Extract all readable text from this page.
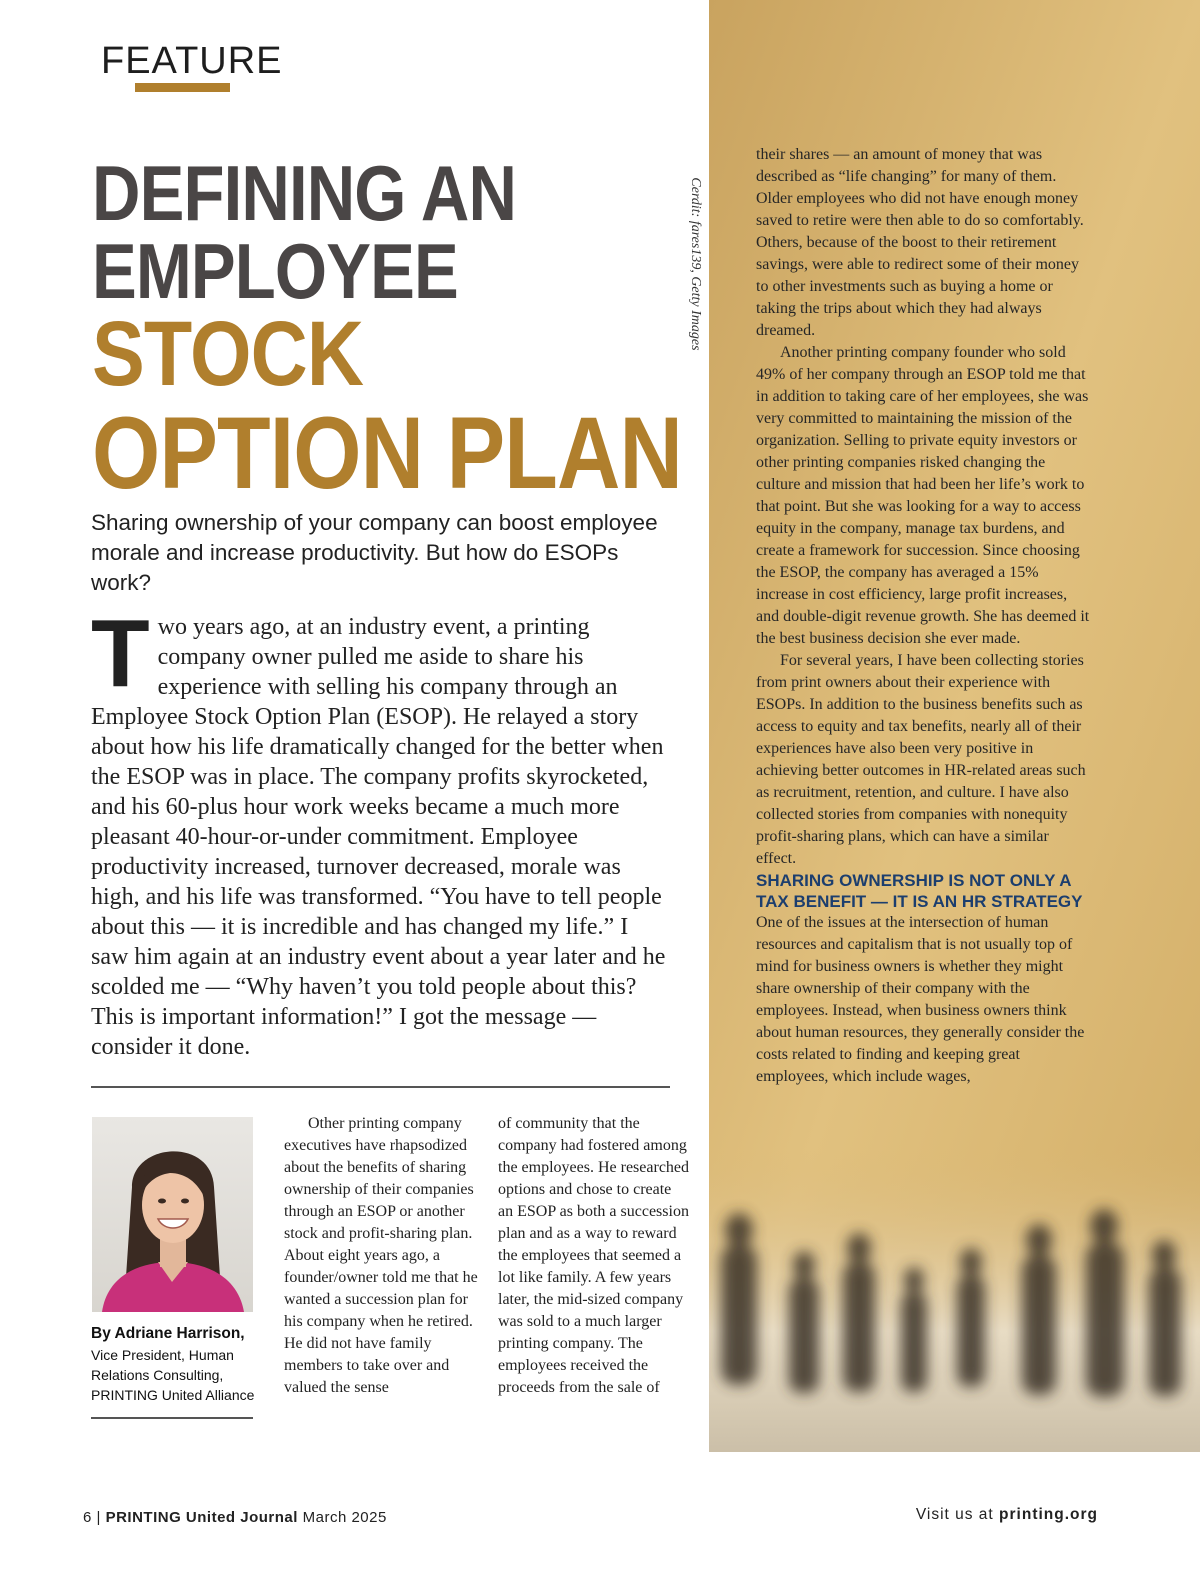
FEATURE
DEFINING AN
EMPLOYEE
STOCK
OPTION PLAN
Sharing ownership of your company can boost employee morale and increase productivity. But how do ESOPs work?

Two years ago, at an industry event, a printing company owner pulled me aside to share his experience with selling his company through an Employee Stock Option Plan (ESOP). He relayed a story about how his life dramatically changed for the better when the ESOP was in place. The company profits skyrocketed, and his 60-plus hour work weeks became a much more pleasant 40-hour-or-under commitment. Employee productivity increased, turnover decreased, morale was high, and his life was transformed. “You have to tell people about this — it is incredible and has changed my life.” I saw him again at an industry event about a year later and he scolded me — “Why haven’t you told people about this? This is important information!” I got the message — consider it done.

By Adriane Harrison,
Vice President, Human Relations Consulting, PRINTING United Alliance

Other printing company executives have rhapsodized about the benefits of sharing ownership of their companies through an ESOP or another stock and profit-sharing plan. About eight years ago, a founder/owner told me that he wanted a succession plan for his company when he retired. He did not have family members to take over and valued the sense

of community that the company had fostered among the employees. He researched options and chose to create an ESOP as both a succession plan and as a way to reward the employees that seemed a lot like family. A few years later, the mid-sized company was sold to a much larger printing company. The employees received the proceeds from the sale of

their shares — an amount of money that was described as “life changing” for many of them. Older employees who did not have enough money saved to retire were then able to do so comfortably. Others, because of the boost to their retirement savings, were able to redirect some of their money to other investments such as buying a home or taking the trips about which they had always dreamed.

Another printing company founder who sold 49% of her company through an ESOP told me that in addition to taking care of her employees, she was very committed to maintaining the mission of the organization. Selling to private equity investors or other printing companies risked changing the culture and mission that had been her life’s work to that point. But she was looking for a way to access equity in the company, manage tax burdens, and create a framework for succession. Since choosing the ESOP, the company has averaged a 15% increase in cost efficiency, large profit increases, and double-digit revenue growth. She has deemed it the best business decision she ever made.

For several years, I have been collecting stories from print owners about their experience with ESOPs. In addition to the business benefits such as access to equity and tax benefits, nearly all of their experiences have also been very positive in achieving better outcomes in HR-related areas such as recruitment, retention, and culture. I have also collected stories from companies with nonequity profit-sharing plans, which can have a similar effect.

SHARING OWNERSHIP IS NOT ONLY A TAX BENEFIT — IT IS AN HR STRATEGY

One of the issues at the intersection of human resources and capitalism that is not usually top of mind for business owners is whether they might share ownership of their company with the employees. Instead, when business owners think about human resources, they generally consider the costs related to finding and keeping great employees, which include wages,

Cerdit: fares139, Getty Images
6 | PRINTING United Journal March 2025	Visit us at printing.org
